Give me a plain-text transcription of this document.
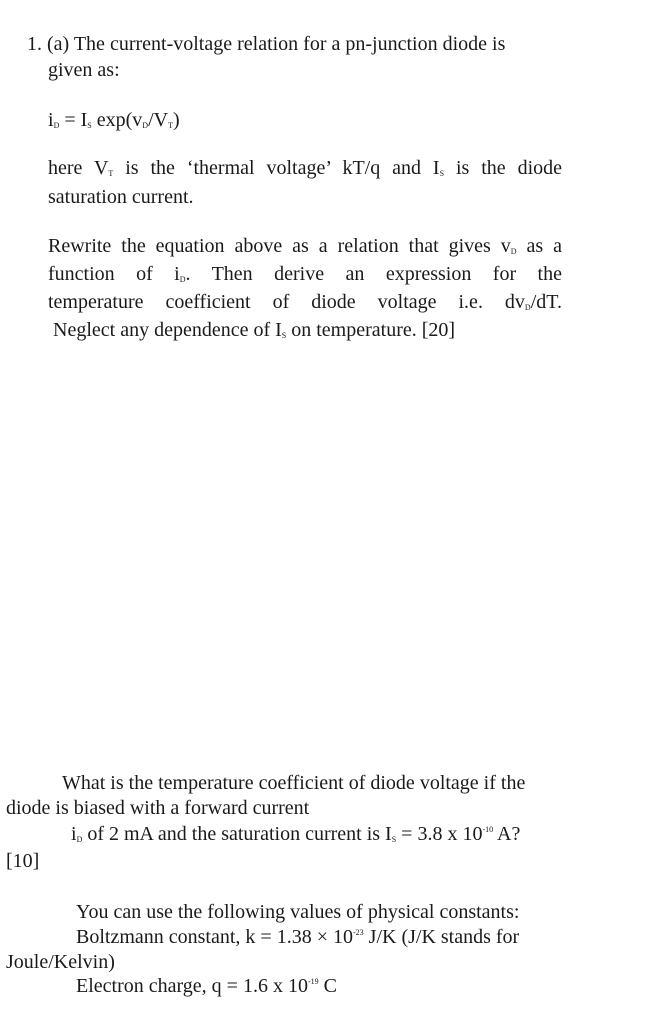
1. (a) The current-voltage relation for a pn-junction diode is
given as:
$i_D = I_S$ $\exp(v_D/V_T)$
here $V_T$ is the ‘thermal voltage’ kT/q and $I_S$ is the diode
saturation current.
Rewrite the equation above as a relation that gives $v_D$ as a
function of $i_D$. Then derive an expression for the
temperature coefficient of diode voltage i.e. $dv_D/dT$.
Neglect any dependence of $I_S$ on temperature. [20]
What is the temperature coefficient of diode voltage if the
diode is biased with a forward current
$i_D$ of 2 mA and the saturation current is $I_S = 3.8$ x $10^{-10}$ A?
[10]
You can use the following values of physical constants:
Boltzmann constant, $k = 1.38 \times 10^{-23}$ J/K (J/K stands for
Joule/Kelvin)
Electron charge, q = 1.6 x $10^{-19}$ C
